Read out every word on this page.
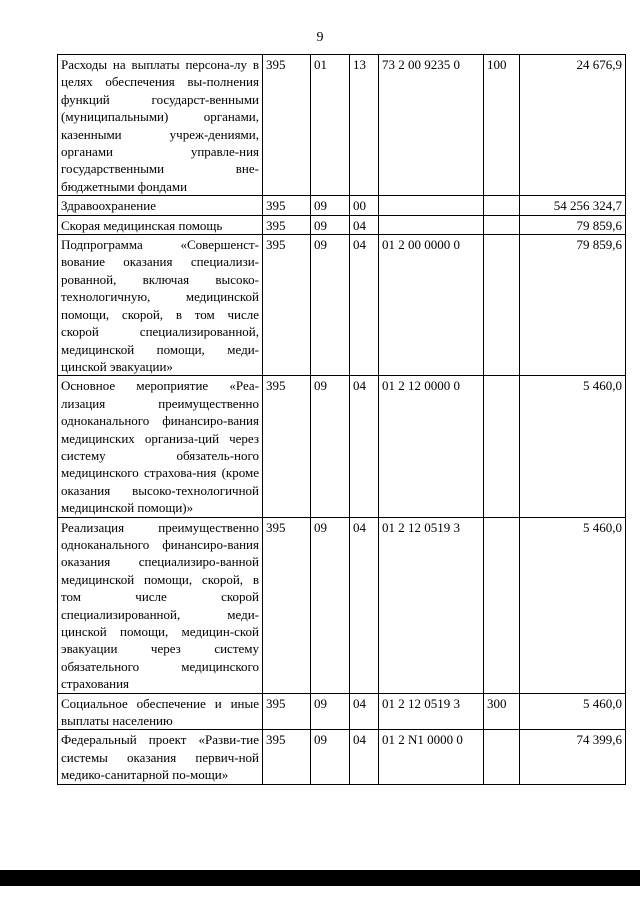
9
Расходы на выплаты персона-лу в целях обеспечения вы-полнения функций государст-венными (муниципальными) органами, казенными учреж-дениями, органами управле-ния государственными вне-бюджетными фондами	395	01	13	73 2 00 9235 0	100	24 676,9
Здравоохранение	395	09	00			54 256 324,7
Скорая медицинская помощь	395	09	04			79 859,6
Подпрограмма «Совершенст-вование оказания специализи-рованной, включая высоко-технологичную, медицинской помощи, скорой, в том числе скорой специализированной, медицинской помощи, меди-цинской эвакуации»	395	09	04	01 2 00 0000 0		79 859,6
Основное мероприятие «Реа-лизация преимущественно одноканального финансиро-вания медицинских организа-ций через систему обязатель-ного медицинского страхова-ния (кроме оказания высоко-технологичной медицинской помощи)»	395	09	04	01 2 12 0000 0		5 460,0
Реализация преимущественно одноканального финансиро-вания оказания специализиро-ванной медицинской помощи, скорой, в том числе скорой специализированной, меди-цинской помощи, медицин-ской эвакуации через систему обязательного медицинского страхования	395	09	04	01 2 12 0519 3		5 460,0
Социальное обеспечение и иные выплаты населению	395	09	04	01 2 12 0519 3	300	5 460,0
Федеральный проект «Разви-тие системы оказания первич-ной медико-санитарной по-мощи»	395	09	04	01 2 N1 0000 0		74 399,6
